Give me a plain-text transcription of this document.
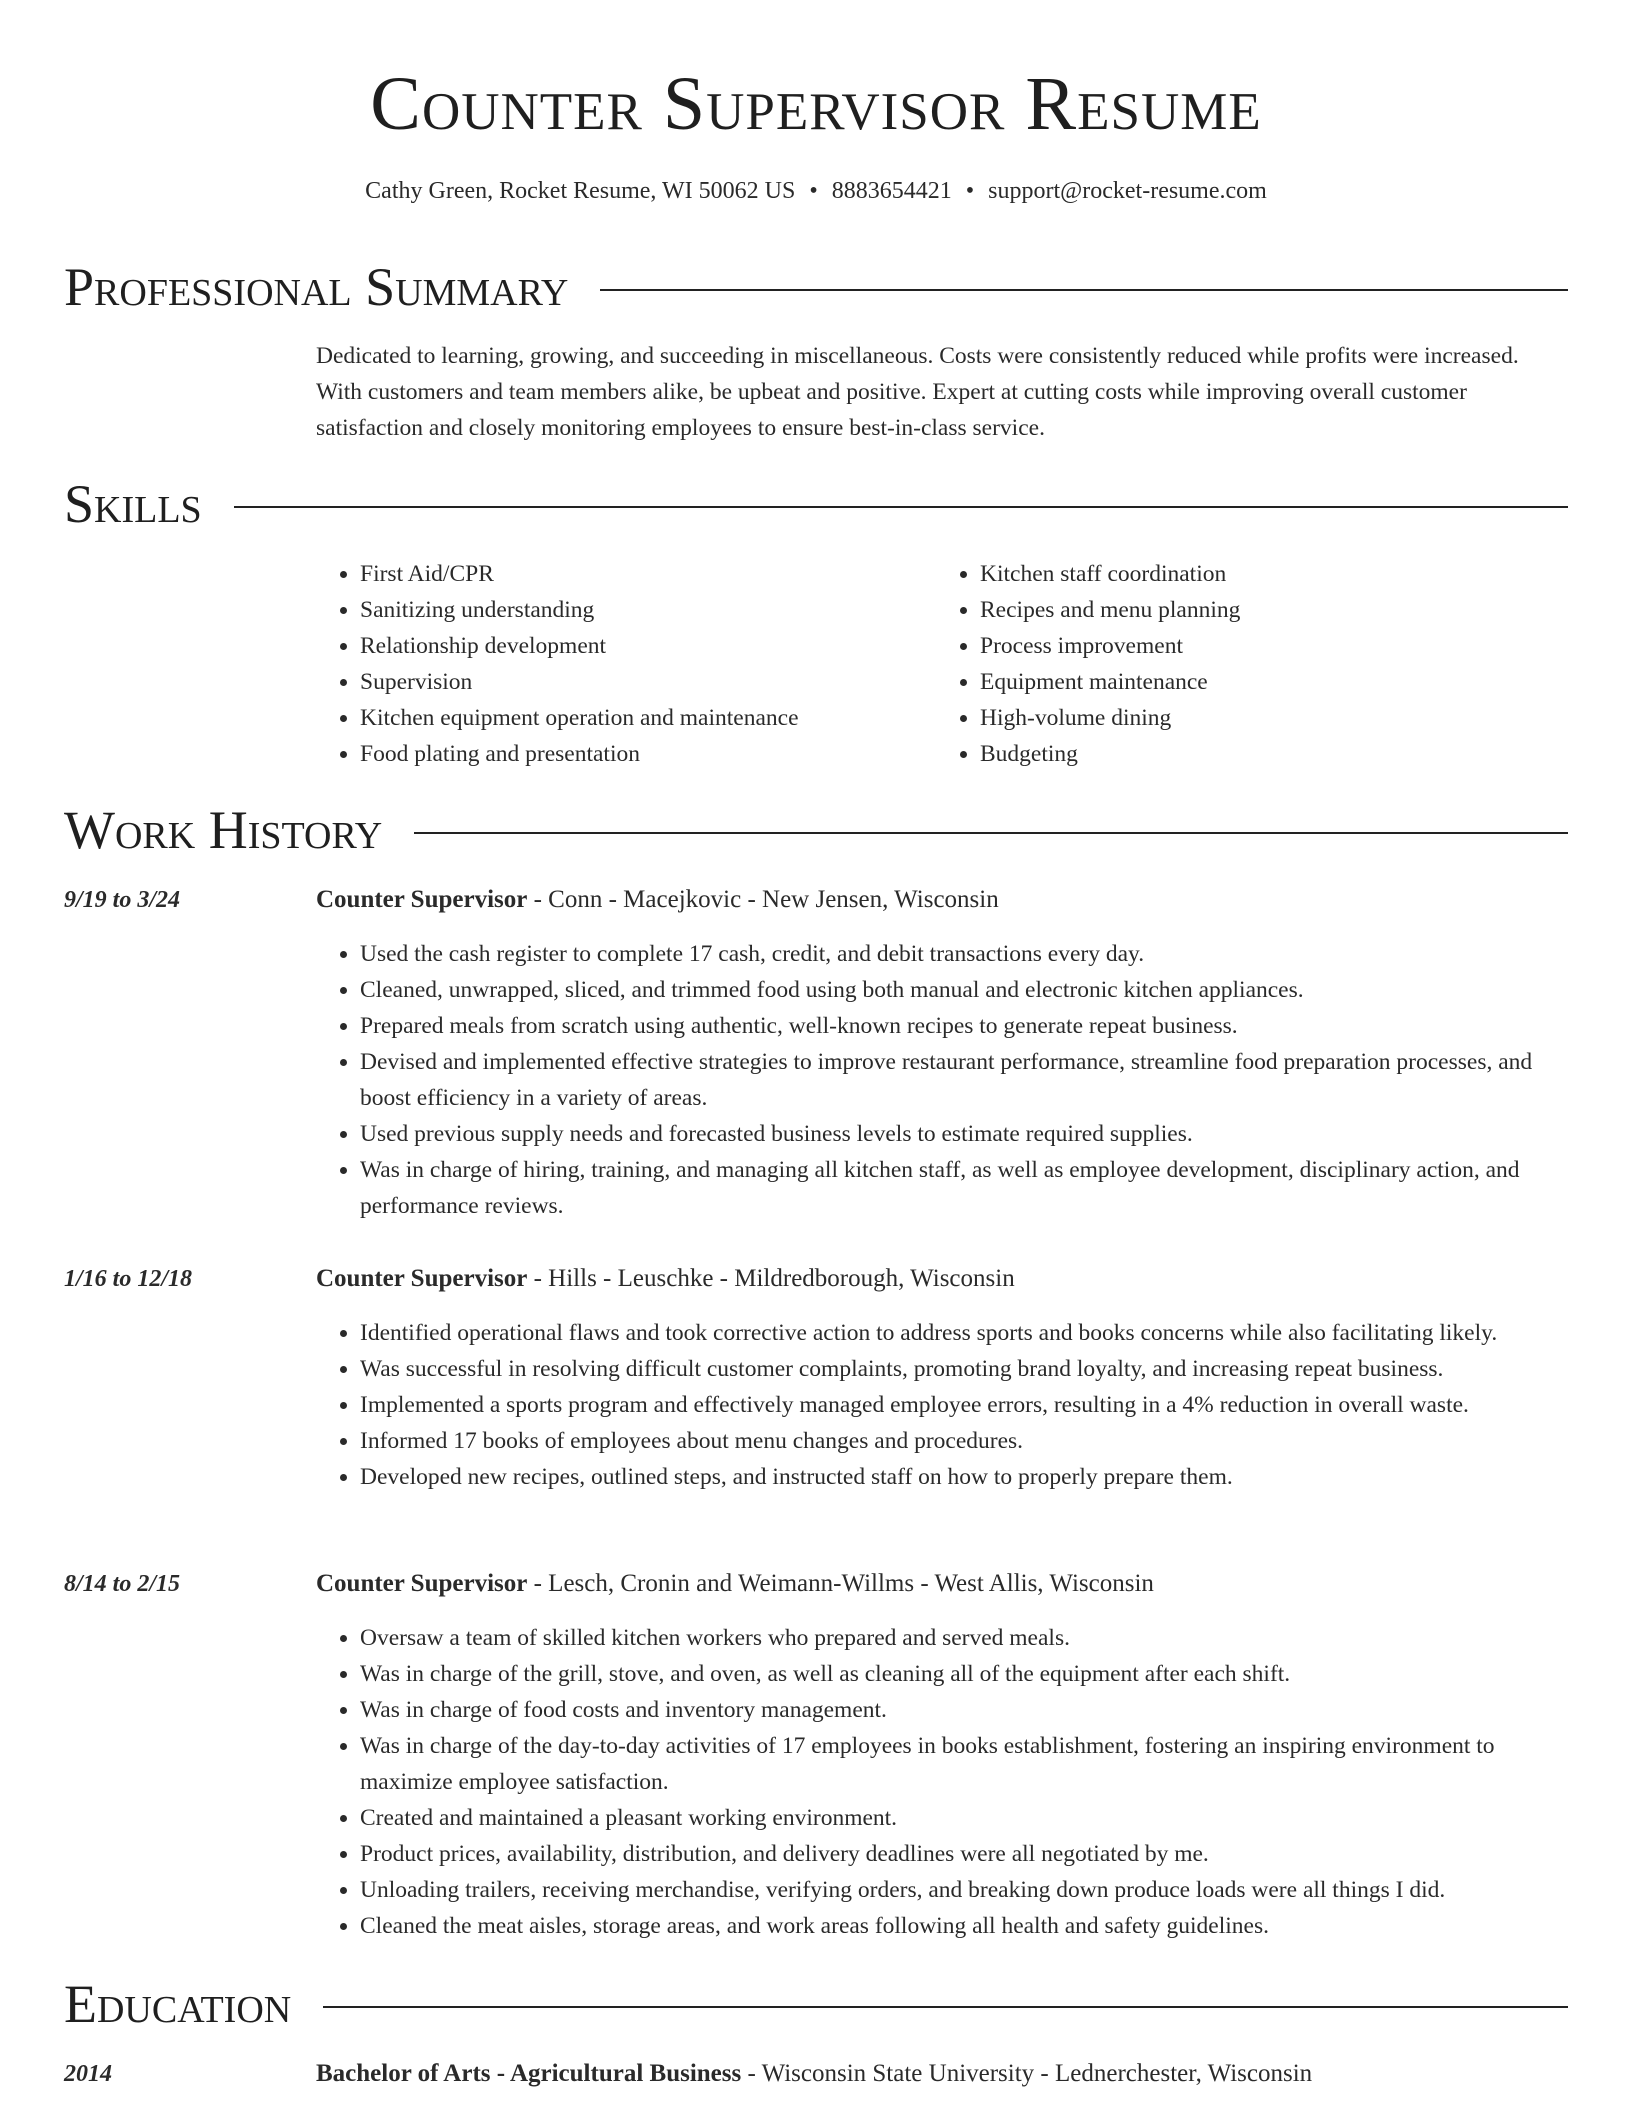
Counter Supervisor Resume
Cathy Green, Rocket Resume, WI 50062 US • 8883654421 • support@rocket-resume.com
Professional Summary

Dedicated to learning, growing, and succeeding in miscellaneous. Costs were consistently reduced while profits were increased. With customers and team members alike, be upbeat and positive. Expert at cutting costs while improving overall customer satisfaction and closely monitoring employees to ensure best-in-class service.

Skills
• First Aid/CPR
• Sanitizing understanding
• Relationship development
• Supervision
• Kitchen equipment operation and maintenance
• Food plating and presentation
• Kitchen staff coordination
• Recipes and menu planning
• Process improvement
• Equipment maintenance
• High-volume dining
• Budgeting
Work History
9/19 to 3/24	Counter Supervisor - Conn - Macejkovic - New Jensen, Wisconsin
• Used the cash register to complete 17 cash, credit, and debit transactions every day.
• Cleaned, unwrapped, sliced, and trimmed food using both manual and electronic kitchen appliances.
• Prepared meals from scratch using authentic, well-known recipes to generate repeat business.
• Devised and implemented effective strategies to improve restaurant performance, streamline food preparation processes, and boost efficiency in a variety of areas.
• Used previous supply needs and forecasted business levels to estimate required supplies.
• Was in charge of hiring, training, and managing all kitchen staff, as well as employee development, disciplinary action, and performance reviews.
1/16 to 12/18	Counter Supervisor - Hills - Leuschke - Mildredborough, Wisconsin
• Identified operational flaws and took corrective action to address sports and books concerns while also facilitating likely.
• Was successful in resolving difficult customer complaints, promoting brand loyalty, and increasing repeat business.
• Implemented a sports program and effectively managed employee errors, resulting in a 4% reduction in overall waste.
• Informed 17 books of employees about menu changes and procedures.
• Developed new recipes, outlined steps, and instructed staff on how to properly prepare them.
8/14 to 2/15	Counter Supervisor - Lesch, Cronin and Weimann-Willms - West Allis, Wisconsin
• Oversaw a team of skilled kitchen workers who prepared and served meals.
• Was in charge of the grill, stove, and oven, as well as cleaning all of the equipment after each shift.
• Was in charge of food costs and inventory management.
• Was in charge of the day-to-day activities of 17 employees in books establishment, fostering an inspiring environment to maximize employee satisfaction.
• Created and maintained a pleasant working environment.
• Product prices, availability, distribution, and delivery deadlines were all negotiated by me.
• Unloading trailers, receiving merchandise, verifying orders, and breaking down produce loads were all things I did.
• Cleaned the meat aisles, storage areas, and work areas following all health and safety guidelines.
Education
2014	Bachelor of Arts - Agricultural Business - Wisconsin State University - Lednerchester, Wisconsin
